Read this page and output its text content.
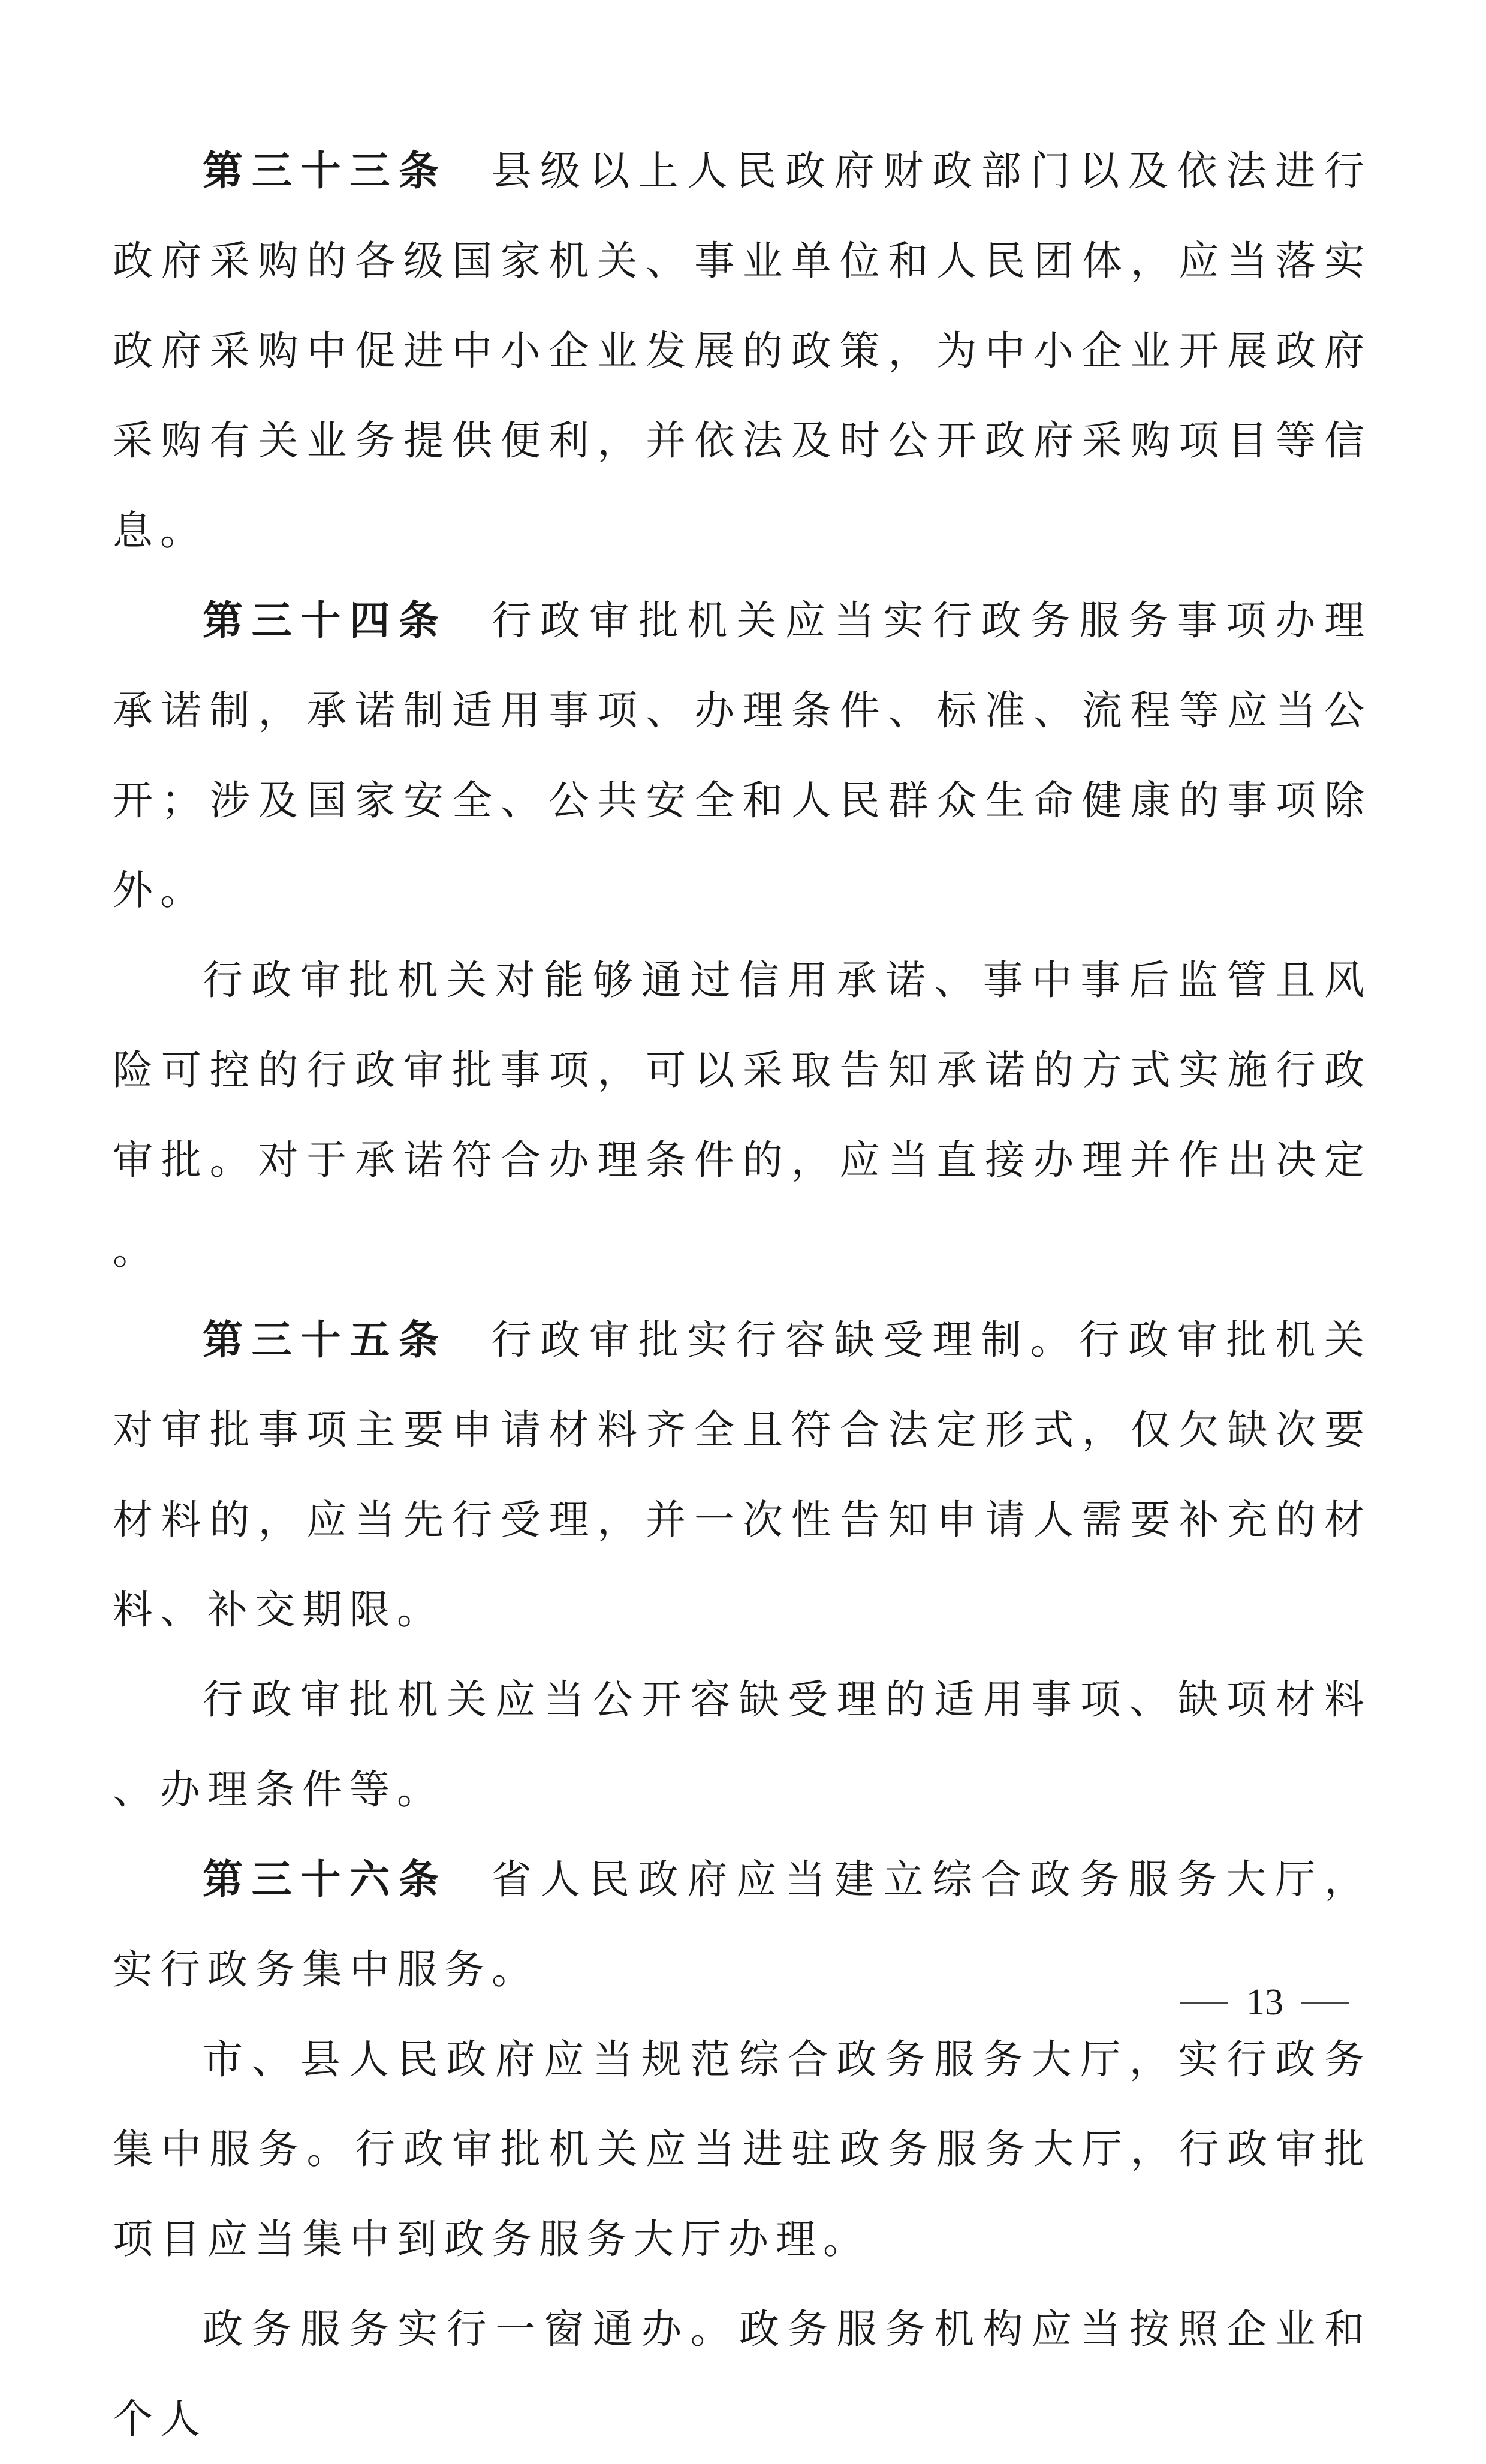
第三十三条 县级以上人民政府财政部门以及依法进行政府采购的各级国家机关、事业单位和人民团体，应当落实政府采购中促进中小企业发展的政策，为中小企业开展政府采购有关业务提供便利，并依法及时公开政府采购项目等信息。

第三十四条 行政审批机关应当实行政务服务事项办理承诺制，承诺制适用事项、办理条件、标准、流程等应当公开；涉及国家安全、公共安全和人民群众生命健康的事项除外。

行政审批机关对能够通过信用承诺、事中事后监管且风险可控的行政审批事项，可以采取告知承诺的方式实施行政审批。对于承诺符合办理条件的，应当直接办理并作出决定。

第三十五条 行政审批实行容缺受理制。行政审批机关对审批事项主要申请材料齐全且符合法定形式，仅欠缺次要材料的，应当先行受理，并一次性告知申请人需要补充的材料、补交期限。

行政审批机关应当公开容缺受理的适用事项、缺项材料、办理条件等。

第三十六条 省人民政府应当建立综合政务服务大厅，实行政务集中服务。

市、县人民政府应当规范综合政务服务大厅，实行政务集中服务。行政审批机关应当进驻政务服务大厅，行政审批项目应当集中到政务服务大厅办理。

政务服务实行一窗通办。政务服务机构应当按照企业和个人

13
